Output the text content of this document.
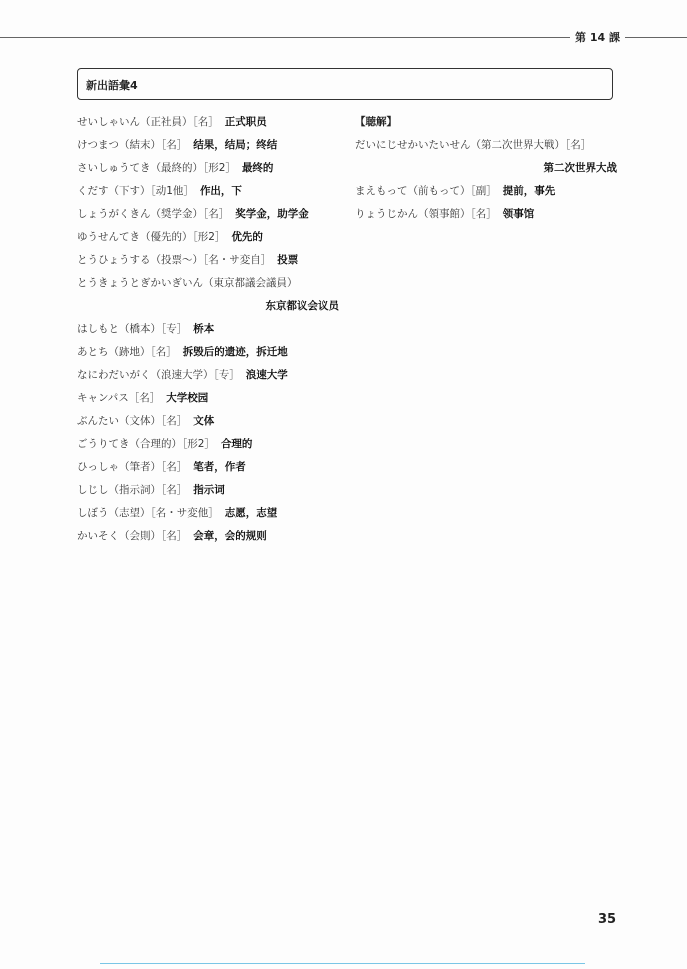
第 14 課
新出語彙4
せいしゃいん（正社員）［名］ 正式职员
けつまつ（結末）［名］ 结果，结局；终结
さいしゅうてき（最終的）［形2］ 最终的
くだす（下す）［动1他］ 作出，下
しょうがくきん（奨学金）［名］ 奖学金，助学金
ゆうせんてき（優先的）［形2］ 优先的
とうひょうする（投票～）［名・サ変自］ 投票
とうきょうとぎかいぎいん（東京都議会議員）
东京都议会议员
はしもと（橋本）［专］ 桥本
あとち（跡地）［名］ 拆毁后的遗迹，拆迁地
なにわだいがく（浪速大学）［专］ 浪速大学
キャンパス［名］ 大学校园
ぶんたい（文体）［名］ 文体
ごうりてき（合理的）［形2］ 合理的
ひっしゃ（筆者）［名］ 笔者，作者
しじし（指示詞）［名］ 指示词
しぼう（志望）［名・サ変他］ 志愿，志望
かいそく（会則）［名］ 会章，会的规则
【聴解】
だいにじせかいたいせん（第二次世界大戦）［名］
第二次世界大战
まえもって（前もって）［副］ 提前，事先
りょうじかん（領事館）［名］ 领事馆
35
